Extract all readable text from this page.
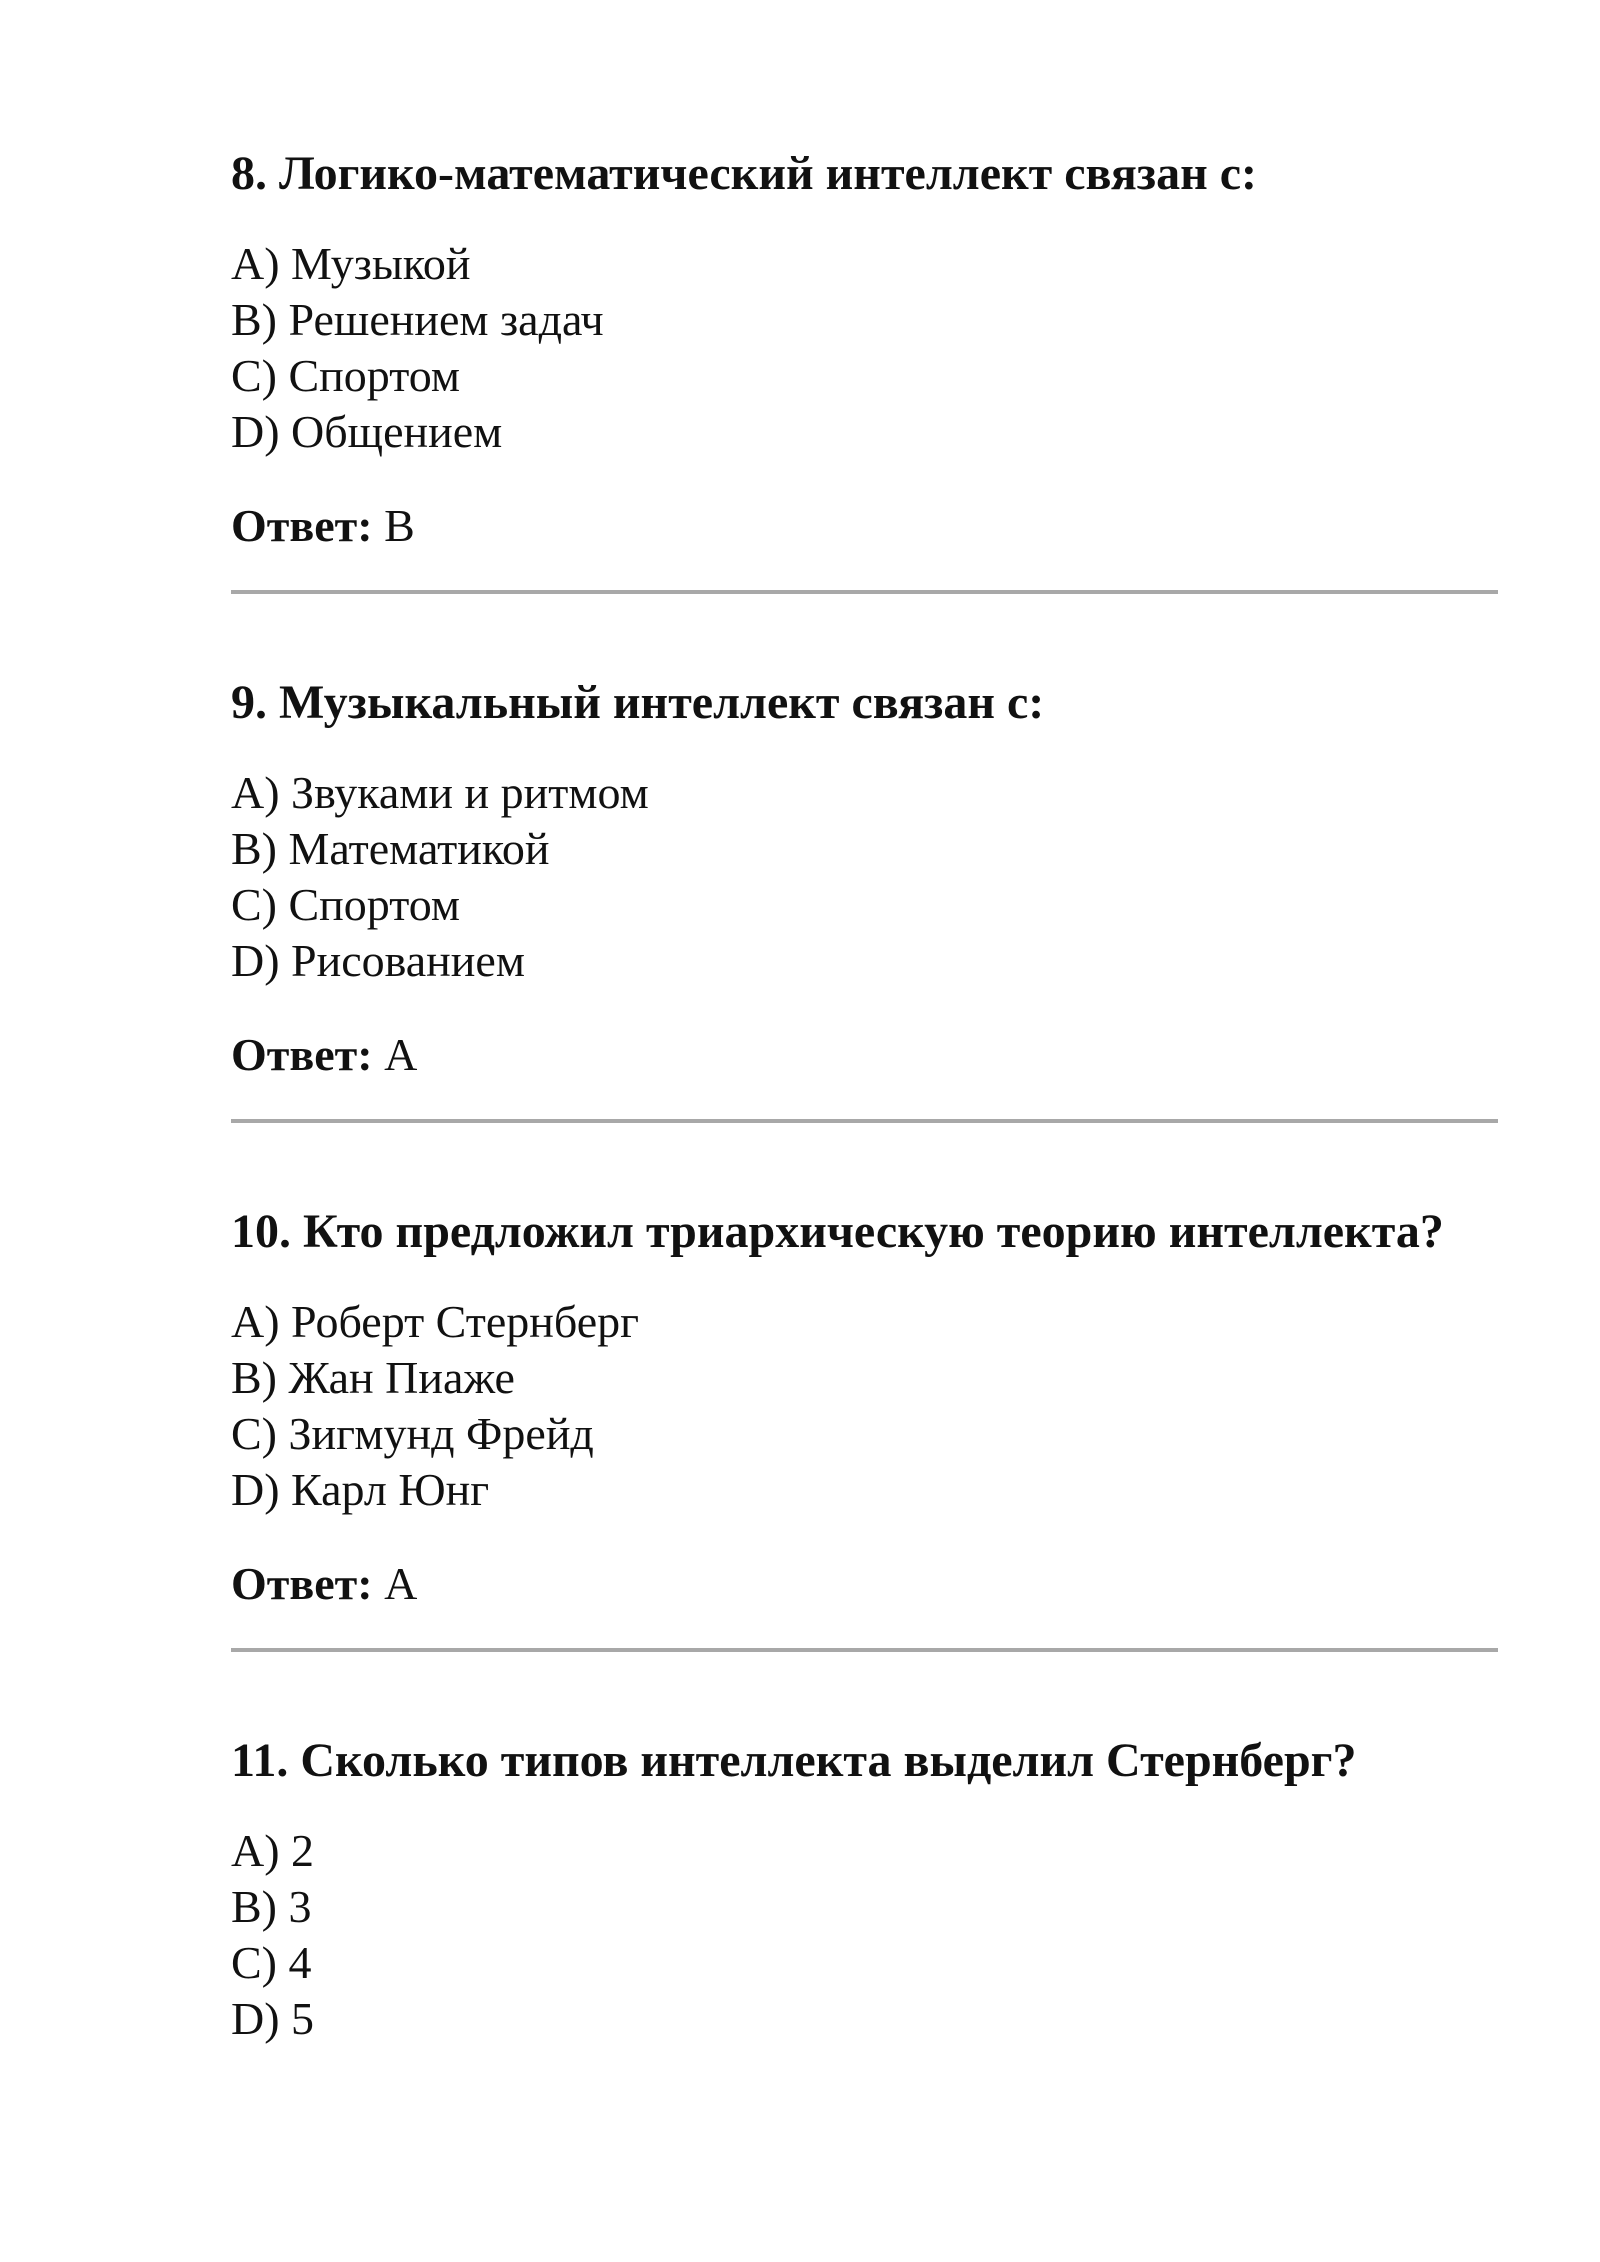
8. Логико-математический интеллект связан с:
A) Музыкой
B) Решением задач
C) Спортом
D) Общением
Ответ: B
9. Музыкальный интеллект связан с:
A) Звуками и ритмом
B) Математикой
C) Спортом
D) Рисованием
Ответ: A
10. Кто предложил триархическую теорию интеллекта?
A) Роберт Стернберг
B) Жан Пиаже
C) Зигмунд Фрейд
D) Карл Юнг
Ответ: A
11. Сколько типов интеллекта выделил Стернберг?
A) 2
B) 3
C) 4
D) 5
